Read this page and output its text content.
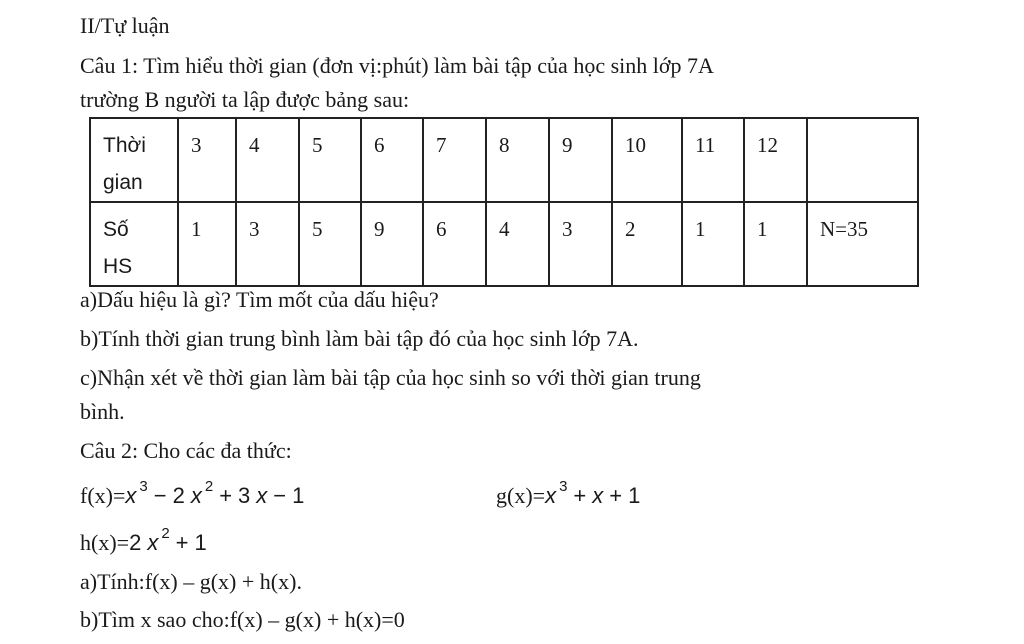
II/Tự luận
Câu 1: Tìm hiểu thời gian (đơn vị:phút) làm bài tập của học sinh lớp 7A
trường B người ta lập được bảng sau:
Thời
gian	3	4	5	6	7	8	9	10	11	12	

Số
HS	1	3	5	9	6	4	3	2	1	1	N=35
a)Dấu hiệu là gì? Tìm mốt của dấu hiệu?
b)Tính thời gian trung bình làm bài tập đó của học sinh lớp 7A.
c)Nhận xét về thời gian làm bài tập của học sinh so với thời gian trung
bình.
Câu 2: Cho các đa thức:
f(x)=x $^3$ − 2 x $^2$ + 3 x − 1	g(x)=x $^3$ + x + 1
h(x)=2 x $^2$ + 1
a)Tính:f(x) – g(x) + h(x).
b)Tìm x sao cho:f(x) – g(x) + h(x)=0
